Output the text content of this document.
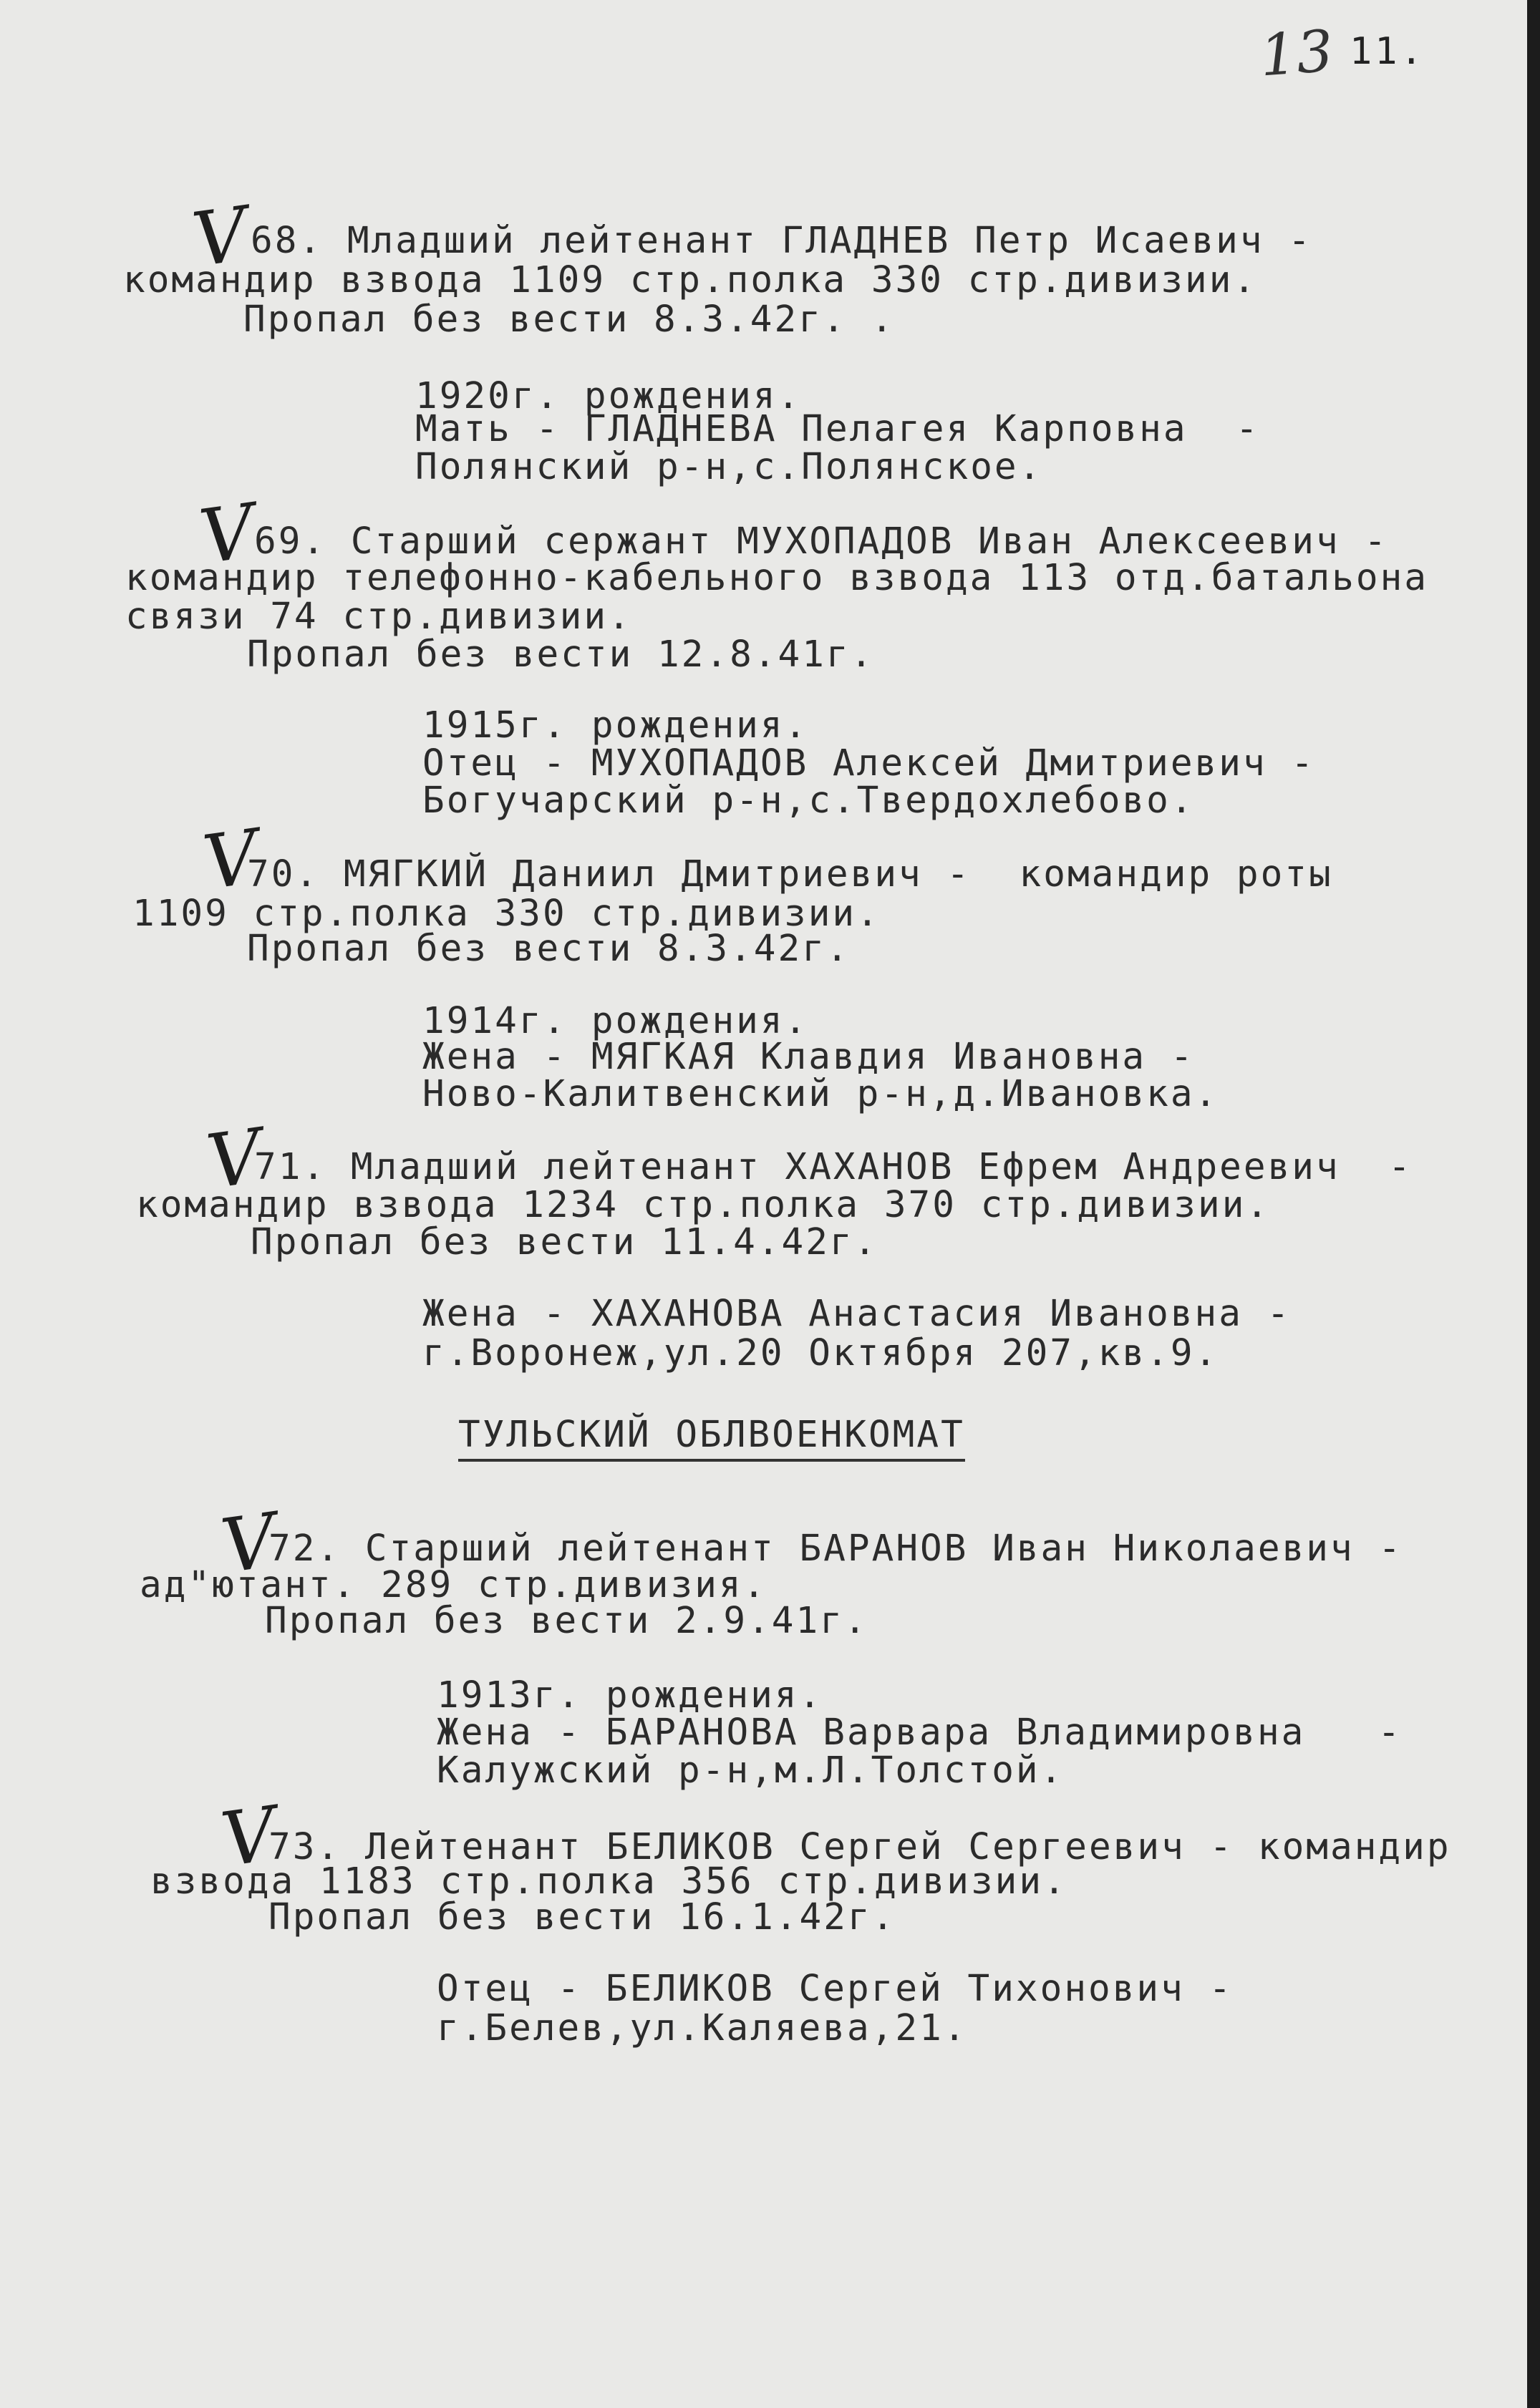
13 11.
V
68. Младший лейтенант ГЛАДНЕВ Петр Исаевич -
командир взвода 1109 стр.полка 330 стр.дивизии.
Пропал без вести 8.3.42г. .
1920г. рождения.
Мать - ГЛАДНЕВА Пелагея Карповна  -
Полянский р-н,с.Полянское.
V
69. Старший сержант МУХОПАДОВ Иван Алексеевич -
командир телефонно-кабельного взвода 113 отд.батальона
связи 74 стр.дивизии.
Пропал без вести 12.8.41г.
1915г. рождения.
Отец - МУХОПАДОВ Алексей Дмитриевич -
Богучарский р-н,с.Твердохлебово.
V
70. МЯГКИЙ Даниил Дмитриевич -  командир роты
1109 стр.полка 330 стр.дивизии.
Пропал без вести 8.3.42г.
1914г. рождения.
Жена - МЯГКАЯ Клавдия Ивановна -
Ново-Калитвенский р-н,д.Ивановка.
V
71. Младший лейтенант ХАХАНОВ Ефрем Андреевич  -
командир взвода 1234 стр.полка 370 стр.дивизии.
Пропал без вести 11.4.42г.
Жена - ХАХАНОВА Анастасия Ивановна -
г.Воронеж,ул.20 Октября 207,кв.9.
ТУЛЬСКИЙ ОБЛВОЕНКОМАТ
V
72. Старший лейтенант БАРАНОВ Иван Николаевич -
ад"ютант. 289 стр.дивизия.
Пропал без вести 2.9.41г.
1913г. рождения.
Жена - БАРАНОВА Варвара Владимировна   -
Калужский р-н,м.Л.Толстой.
V
73. Лейтенант БЕЛИКОВ Сергей Сергеевич - командир
взвода 1183 стр.полка 356 стр.дивизии.
Пропал без вести 16.1.42г.
Отец - БЕЛИКОВ Сергей Тихонович -
г.Белев,ул.Каляева,21.
